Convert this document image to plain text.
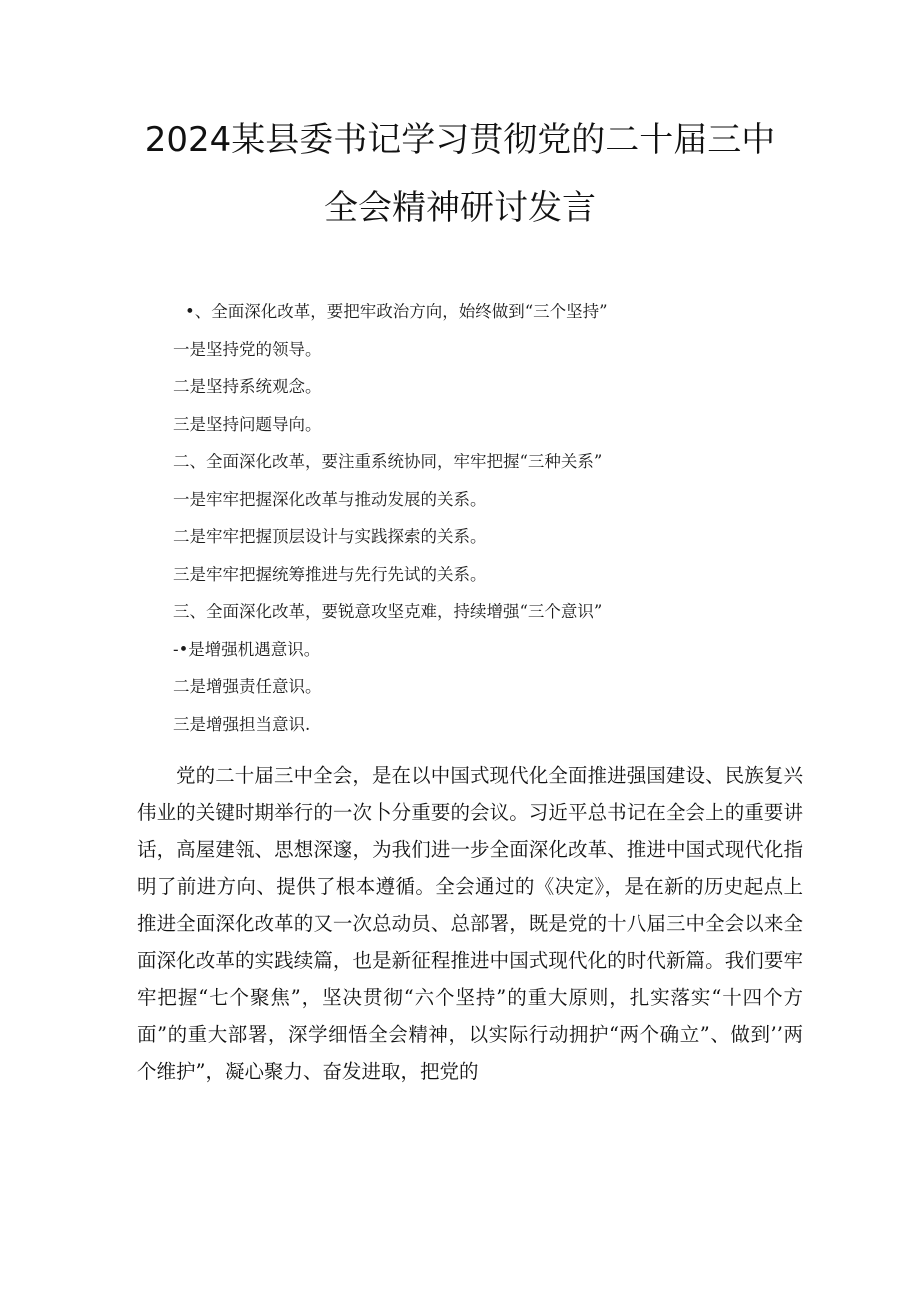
2024某县委书记学习贯彻党的二十届三中
全会精神研讨发言
•、全面深化改革，要把牢政治方向，始终做到“三个坚持”
一是坚持党的领导。
二是坚持系统观念。
三是坚持问题导向。
二、全面深化改革，要注重系统协同，牢牢把握“三种关系”
一是牢牢把握深化改革与推动发展的关系。
二是牢牢把握顶层设计与实践探索的关系。
三是牢牢把握统筹推进与先行先试的关系。
三、全面深化改革，要锐意攻坚克难，持续增强“三个意识”
-•是增强机遇意识。
二是增强责任意识。
三是增强担当意识.

党的二十届三中全会，是在以中国式现代化全面推进强国建设、民族复兴伟业的关键时期举行的一次卜分重要的会议。习近平总书记在全会上的重要讲话，高屋建瓴、思想深邃，为我们进一步全面深化改革、推进中国式现代化指明了前进方向、提供了根本遵循。全会通过的《决定》，是在新的历史起点上推进全面深化改革的又一次总动员、总部署，既是党的十八届三中全会以来全面深化改革的实践续篇，也是新征程推进中国式现代化的时代新篇。我们要牢牢把握“七个聚焦”，坚决贯彻“六个坚持”的重大原则，扎实落实“十四个方面”的重大部署，深学细悟全会精神，以实际行动拥护“两个确立”、做到’’两个维护”，凝心聚力、奋发进取，把党的
